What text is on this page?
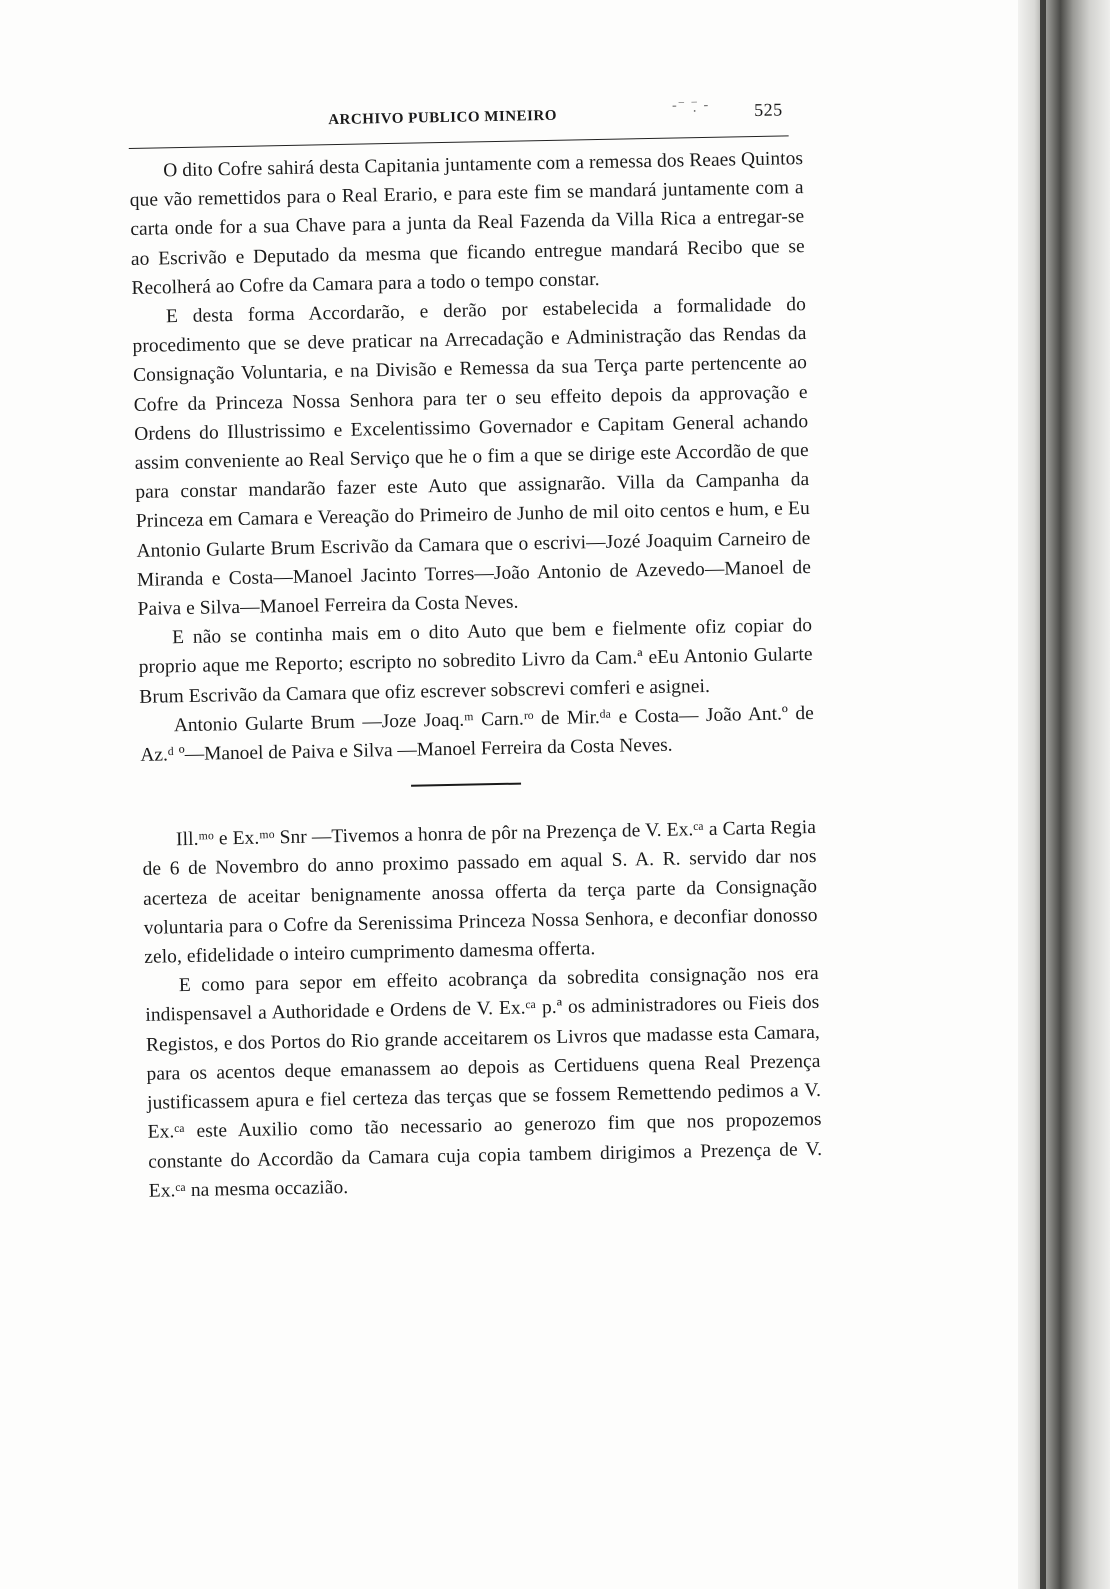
ARCHIVO PUBLICO MINEIRO
-⁻ ⁻̣̣ - 525

O dito Cofre sahirá desta Capitania juntamente com a remessa dos Reaes Quintos que vão remettidos para o Real Erario, e para este fim se mandará juntamente com a carta onde for a sua Chave para a junta da Real Fazenda da Villa Rica a entregar-se ao Escrivão e Deputado da mesma que ficando entregue mandará Recibo que se Recolherá ao Cofre da Camara para a todo o tempo constar.

E desta forma Accordarão, e derão por estabelecida a formalidade do procedimento que se deve praticar na Arrecadação e Administração das Rendas da Consignação Voluntaria, e na Divisão e Remessa da sua Terça parte pertencente ao Cofre da Princeza Nossa Senhora para ter o seu effeito depois da approvação e Ordens do Illustrissimo e Excelentissimo Governador e Capitam General achando assim conveniente ao Real Serviço que he o fim a que se dirige este Accordão de que para constar mandarão fazer este Auto que assignarão. Villa da Campanha da Princeza em Camara e Vereação do Primeiro de Junho de mil oito centos e hum, e Eu Antonio Gularte Brum Escrivão da Camara que o escrivi—Jozé Joaquim Carneiro de Miranda e Costa—Manoel Jacinto Torres—João Antonio de Azevedo—Manoel de Paiva e Silva—Manoel Ferreira da Costa Neves.

E não se continha mais em o dito Auto que bem e fielmente ofiz copiar do proprio aque me Reporto; escripto no sobredito Livro da Cam.ª eEu Antonio Gularte Brum Escrivão da Camara que ofiz escrever sobscrevi comferi e asignei.

Antonio Gularte Brum —Joze Joaq.ᵐ Carn.ʳᵒ de Mir.ᵈᵃ e Costa— João Ant.º de Az.ᵈ º—Manoel de Paiva e Silva —Manoel Ferreira da Costa Neves.

Ill.ᵐᵒ e Ex.ᵐᵒ Snr —Tivemos a honra de pôr na Prezença de V. Ex.ᶜᵃ a Carta Regia de 6 de Novembro do anno proximo passado em aqual S. A. R. servido dar nos acerteza de aceitar benignamente anossa offerta da terça parte da Consignação voluntaria para o Cofre da Serenissima Princeza Nossa Senhora, e deconfiar donosso zelo, efidelidade o inteiro cumprimento damesma offerta.

E como para sepor em effeito acobrança da sobredita consignação nos era indispensavel a Authoridade e Ordens de V. Ex.ᶜᵃ p.ª os administradores ou Fieis dos Registos, e dos Portos do Rio grande acceitarem os Livros que madasse esta Camara, para os acentos deque emanassem ao depois as Certiduens quena Real Prezença justificassem apura e fiel certeza das terças que se fossem Remettendo pedimos a V. Ex.ᶜᵃ este Auxilio como tão necessario ao generozo fim que nos propozemos constante do Accordão da Camara cuja copia tambem dirigimos a Prezença de V. Ex.ᶜᵃ na mesma occazião.
